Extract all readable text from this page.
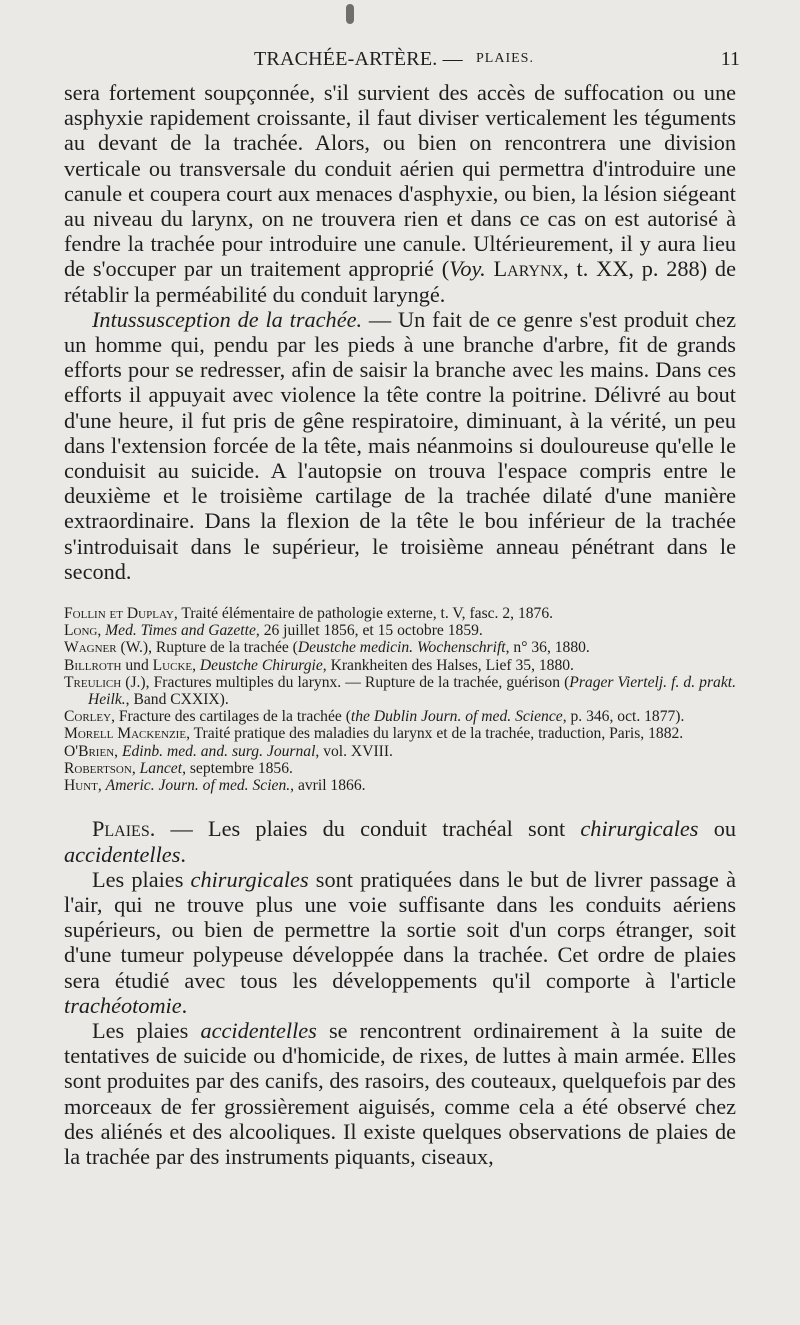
TRACHÉE-ARTÈRE. — PLAIES.	11

sera fortement soupçonnée, s'il survient des accès de suffocation ou une asphyxie rapidement croissante, il faut diviser verticalement les téguments au devant de la trachée. Alors, ou bien on rencontrera une division verticale ou transversale du conduit aérien qui permettra d'introduire une canule et coupera court aux menaces d'asphyxie, ou bien, la lésion siégeant au niveau du larynx, on ne trouvera rien et dans ce cas on est autorisé à fendre la trachée pour introduire une canule. Ultérieurement, il y aura lieu de s'occuper par un traitement approprié (Voy. Larynx, t. XX, p. 288) de rétablir la perméabilité du conduit laryngé.

Intussusception de la trachée. — Un fait de ce genre s'est produit chez un homme qui, pendu par les pieds à une branche d'arbre, fit de grands efforts pour se redresser, afin de saisir la branche avec les mains. Dans ces efforts il appuyait avec violence la tête contre la poitrine. Délivré au bout d'une heure, il fut pris de gêne respiratoire, diminuant, à la vérité, un peu dans l'extension forcée de la tête, mais néanmoins si douloureuse qu'elle le conduisit au suicide. A l'autopsie on trouva l'espace compris entre le deuxième et le troisième cartilage de la trachée dilaté d'une manière extraordinaire. Dans la flexion de la tête le bou inférieur de la trachée s'introduisait dans le supérieur, le troisième anneau pénétrant dans le second.

Follin et Duplay, Traité élémentaire de pathologie externe, t. V, fasc. 2, 1876.

Long, Med. Times and Gazette, 26 juillet 1856, et 15 octobre 1859.

Wagner (W.), Rupture de la trachée (Deustche medicin. Wochenschrift, n° 36, 1880.

Billroth und Lucke, Deustche Chirurgie, Krankheiten des Halses, Lief 35, 1880.

Treulich (J.), Fractures multiples du larynx. — Rupture de la trachée, guérison (Prager Viertelj. f. d. prakt. Heilk., Band CXXIX).

Corley, Fracture des cartilages de la trachée (the Dublin Journ. of med. Science, p. 346, oct. 1877).

Morell Mackenzie, Traité pratique des maladies du larynx et de la trachée, traduction, Paris, 1882.

O'Brien, Edinb. med. and. surg. Journal, vol. XVIII.

Robertson, Lancet, septembre 1856.

Hunt, Americ. Journ. of med. Scien., avril 1866.

Plaies. — Les plaies du conduit trachéal sont chirurgicales ou accidentelles.

Les plaies chirurgicales sont pratiquées dans le but de livrer passage à l'air, qui ne trouve plus une voie suffisante dans les conduits aériens supérieurs, ou bien de permettre la sortie soit d'un corps étranger, soit d'une tumeur polypeuse développée dans la trachée. Cet ordre de plaies sera étudié avec tous les développements qu'il comporte à l'article trachéotomie.

Les plaies accidentelles se rencontrent ordinairement à la suite de tentatives de suicide ou d'homicide, de rixes, de luttes à main armée. Elles sont produites par des canifs, des rasoirs, des couteaux, quelquefois par des morceaux de fer grossièrement aiguisés, comme cela a été observé chez des aliénés et des alcooliques. Il existe quelques observations de plaies de la trachée par des instruments piquants, ciseaux,
